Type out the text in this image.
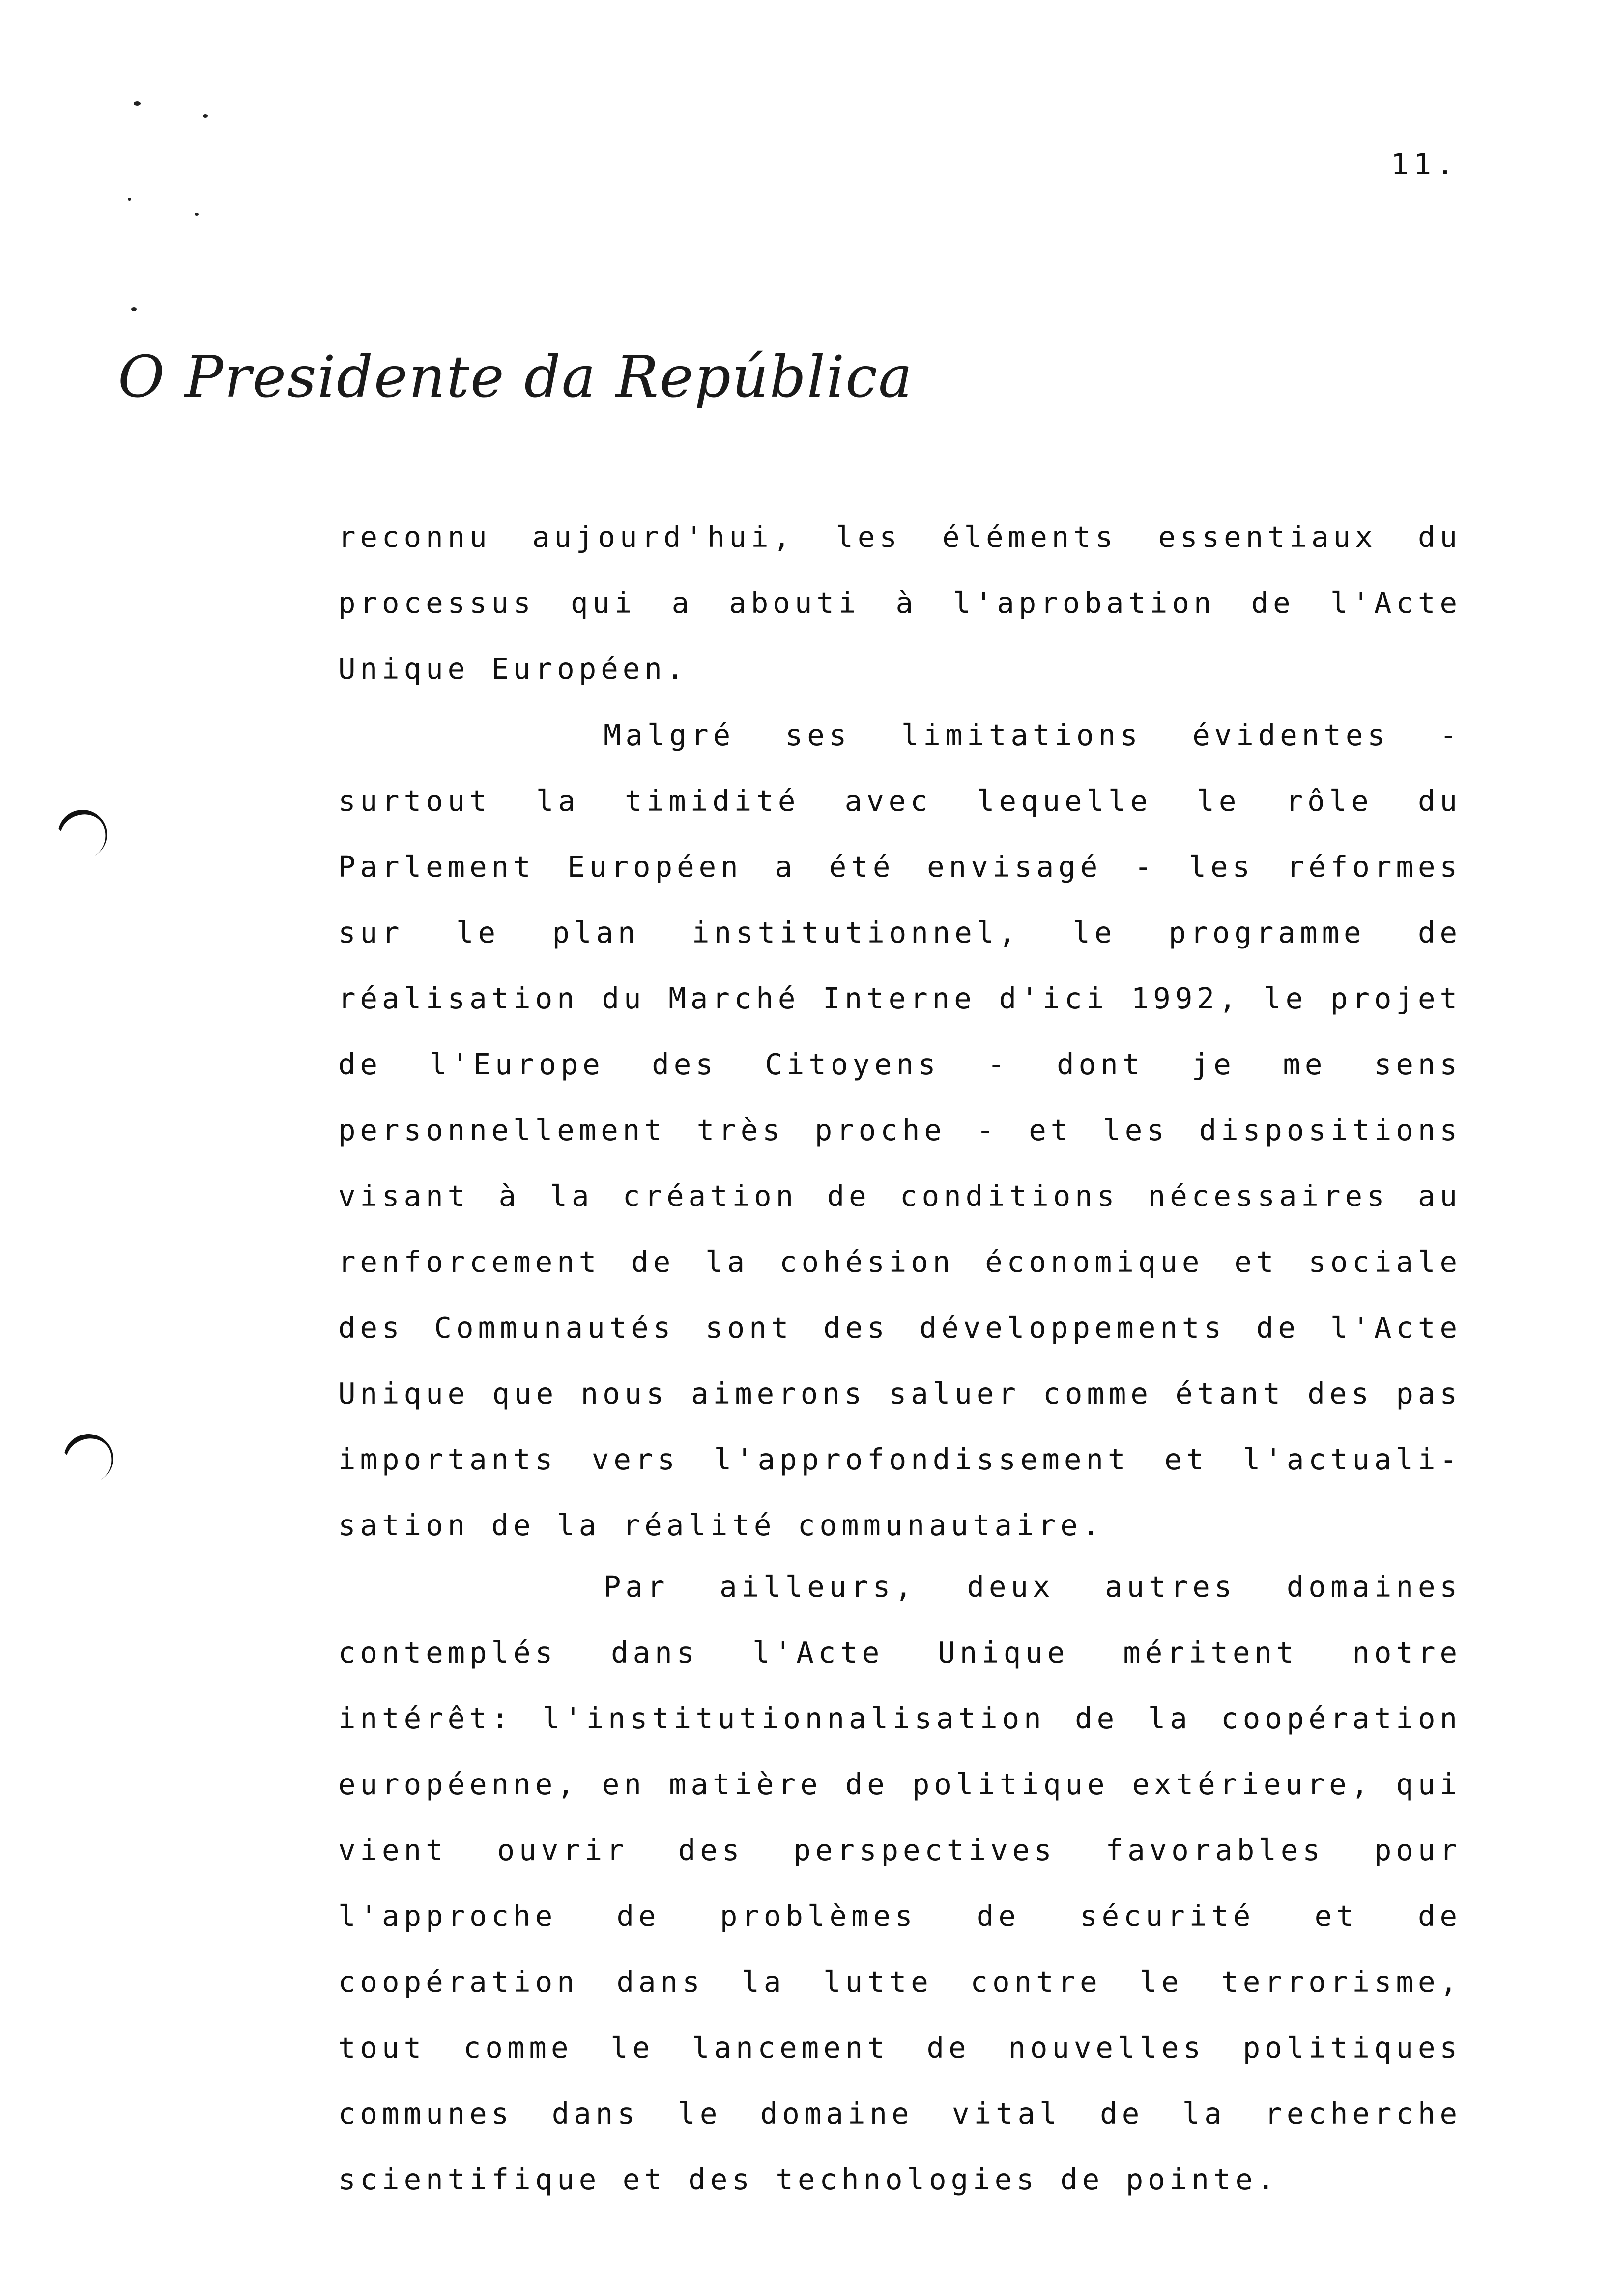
11.
O Presidente da República

reconnu aujourd'hui, les éléments essentiaux du processus qui a abouti à l'aprobation de l'Acte Unique Européen.

Malgré ses limitations évidentes - surtout la timidité avec lequelle le rôle du Parlement Européen a été envisagé - les réformes sur le plan institutionnel, le programme de réalisation du Marché Interne d'ici 1992, le projet de l'Europe des Citoyens - dont je me sens personnellement très proche - et les dispositions visant à la création de conditions nécessaires au renforcement de la cohésion économique et sociale des Communautés sont des développements de l'Acte Unique que nous aimerons saluer comme étant des pas importants vers l'approfondissement et l'actuali-sation de la réalité communautaire.

Par ailleurs, deux autres domaines contemplés dans l'Acte Unique méritent notre intérêt: l'institutionnalisation de la coopération européenne, en matière de politique extérieure, qui vient ouvrir des perspectives favorables pour l'approche de problèmes de sécurité et de coopération dans la lutte contre le terrorisme, tout comme le lancement de nouvelles politiques communes dans le domaine vital de la recherche scientifique et des technologies de pointe.
